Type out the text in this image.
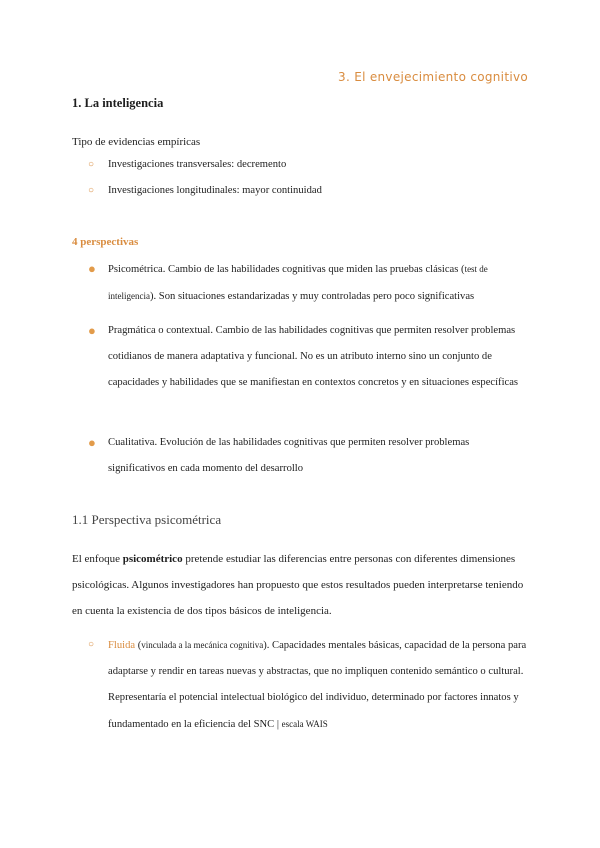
3. El envejecimiento cognitivo
1. La inteligencia
Tipo de evidencias empíricas
○	Investigaciones transversales: decremento
○	Investigaciones longitudinales: mayor continuidad
4 perspectivas
●	Psicométrica. Cambio de las habilidades cognitivas que miden las pruebas clásicas (test de inteligencia). Son situaciones estandarizadas y muy controladas pero poco significativas
●	Pragmática o contextual. Cambio de las habilidades cognitivas que permiten resolver problemas cotidianos de manera adaptativa y funcional. No es un atributo interno sino un conjunto de capacidades y habilidades que se manifiestan en contextos concretos y en situaciones específicas
●	Cualitativa. Evolución de las habilidades cognitivas que permiten resolver problemas significativos en cada momento del desarrollo
1.1 Perspectiva psicométrica
El enfoque psicométrico pretende estudiar las diferencias entre personas con diferentes dimensiones psicológicas. Algunos investigadores han propuesto que estos resultados pueden interpretarse teniendo en cuenta la existencia de dos tipos básicos de inteligencia.
○	Fluida (vinculada a la mecánica cognitiva). Capacidades mentales básicas, capacidad de la persona para adaptarse y rendir en tareas nuevas y abstractas, que no impliquen contenido semántico o cultural. Representaría el potencial intelectual biológico del individuo, determinado por factores innatos y fundamentado en la eficiencia del SNC | escala WAIS
